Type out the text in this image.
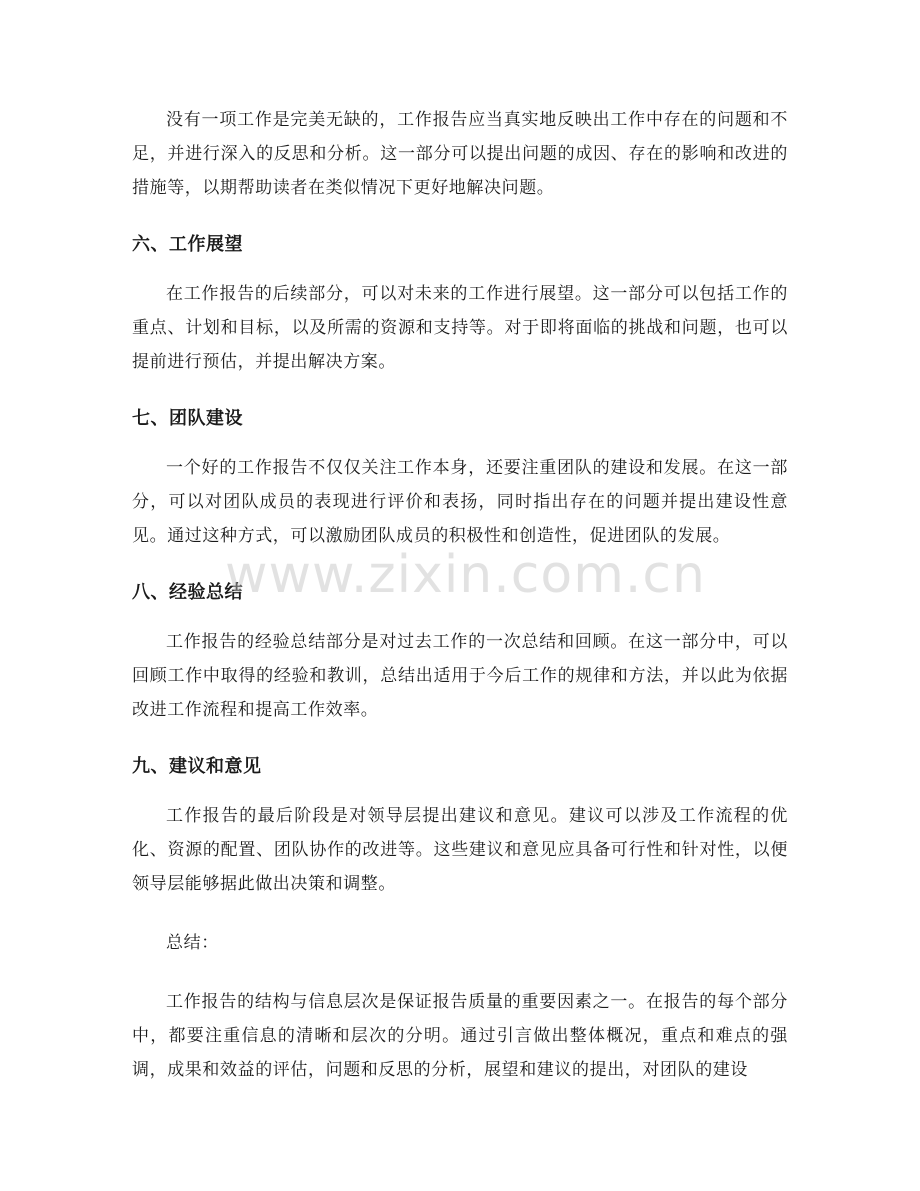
没有一项工作是完美无缺的，工作报告应当真实地反映出工作中存在的问题和不足，并进行深入的反思和分析。这一部分可以提出问题的成因、存在的影响和改进的措施等，以期帮助读者在类似情况下更好地解决问题。

六、工作展望

在工作报告的后续部分，可以对未来的工作进行展望。这一部分可以包括工作的重点、计划和目标，以及所需的资源和支持等。对于即将面临的挑战和问题，也可以提前进行预估，并提出解决方案。

七、团队建设

一个好的工作报告不仅仅关注工作本身，还要注重团队的建设和发展。在这一部分，可以对团队成员的表现进行评价和表扬，同时指出存在的问题并提出建设性意见。通过这种方式，可以激励团队成员的积极性和创造性，促进团队的发展。

八、经验总结

工作报告的经验总结部分是对过去工作的一次总结和回顾。在这一部分中，可以回顾工作中取得的经验和教训，总结出适用于今后工作的规律和方法，并以此为依据改进工作流程和提高工作效率。

九、建议和意见

工作报告的最后阶段是对领导层提出建议和意见。建议可以涉及工作流程的优化、资源的配置、团队协作的改进等。这些建议和意见应具备可行性和针对性，以便领导层能够据此做出决策和调整。

总结：

工作报告的结构与信息层次是保证报告质量的重要因素之一。在报告的每个部分中，都要注重信息的清晰和层次的分明。通过引言做出整体概况，重点和难点的强调，成果和效益的评估，问题和反思的分析，展望和建议的提出，对团队的建设

www.zixin.com.cn
